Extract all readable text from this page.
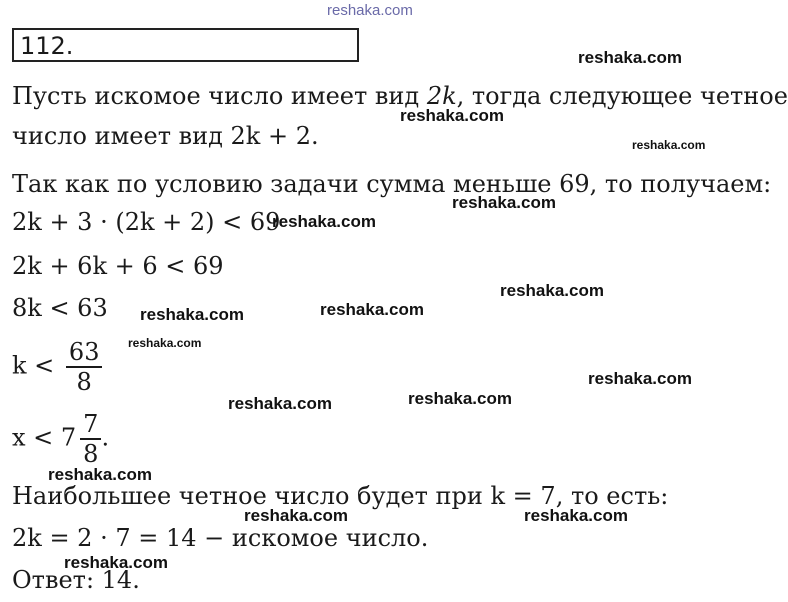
reshaka.com
112.

Пусть искомое число имеет вид 2k, тогда следующее четное

число имеет вид 2k + 2.

Так как по условию задачи сумма меньше 69, то получаем:

2k + 3 · (2k + 2) < 69

2k + 6k + 6 < 69

8k < 63

$k < \frac{63}{8}$

$x < 7 \frac{7}{8}$ .

Наибольшее четное число будет при k = 7, то есть:

2k = 2 · 7 = 14 − искомое число.

Ответ: 14.

reshaka.com
reshaka.com
reshaka.com
reshaka.com
reshaka.com
reshaka.com
reshaka.com	reshaka.com
reshaka.com
reshaka.com
reshaka.com
reshaka.com
reshaka.com
reshaka.com	reshaka.com
reshaka.com
